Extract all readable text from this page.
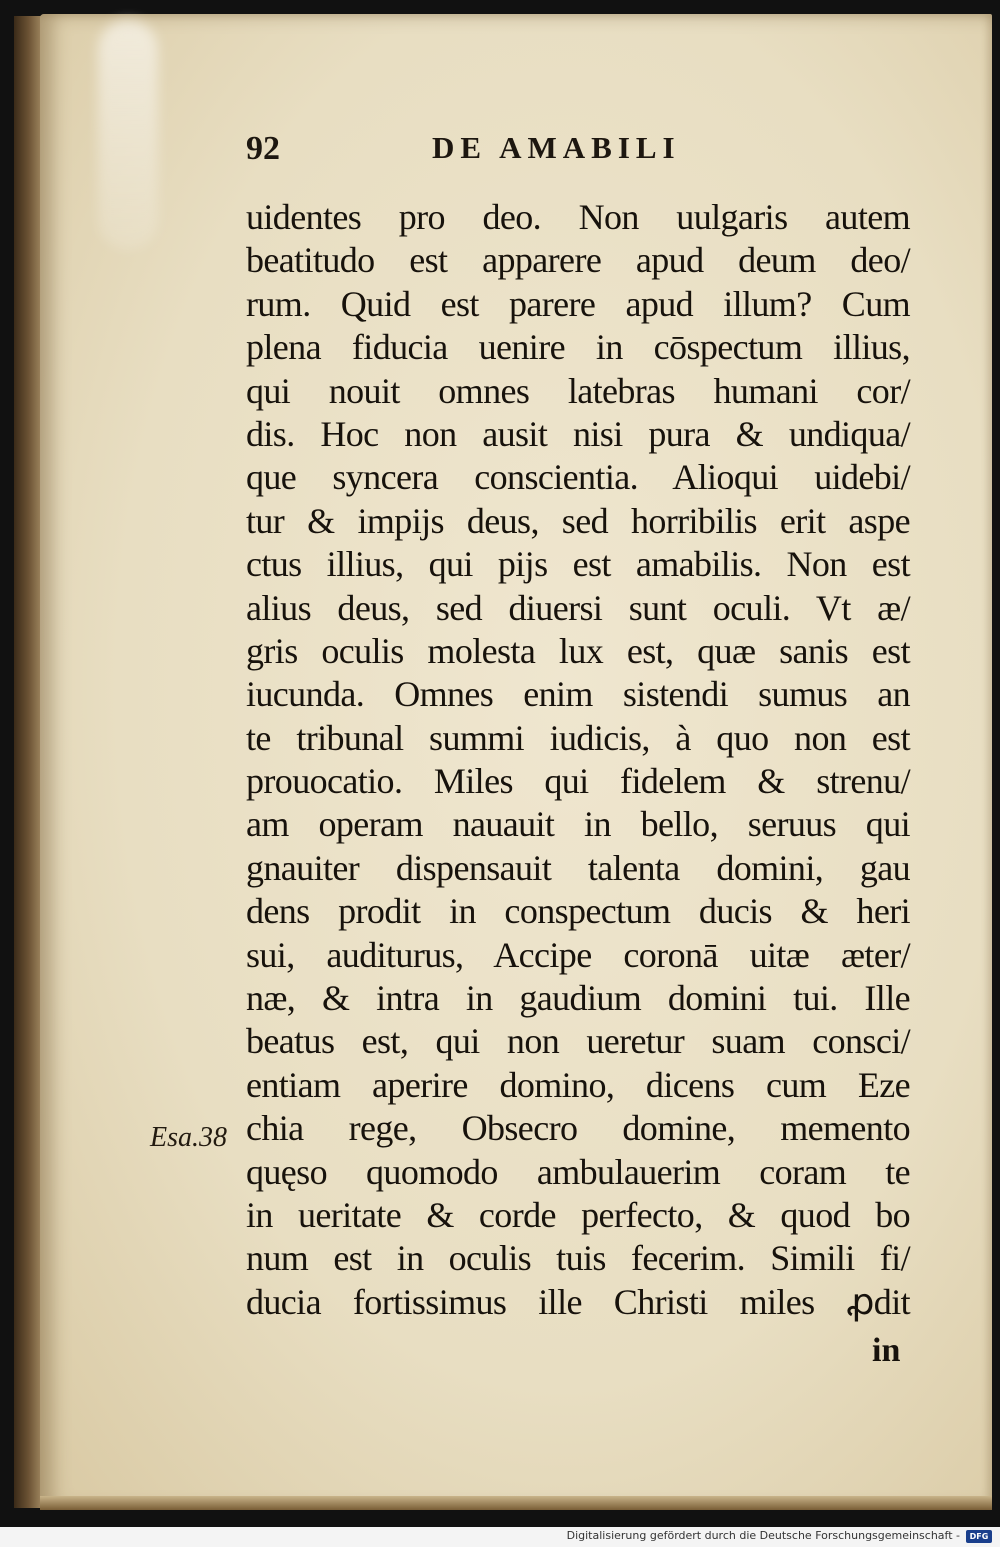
92	DE AMABILI
Esa.38
uidentes pro deo. Non uulgaris autem
beatitudo est apparere apud deum deo/
rum. Quid est parere apud illum? Cum
plena fiducia uenire in cōspectum illius,
qui nouit omnes latebras humani cor/
dis. Hoc non ausit nisi pura & undiqua/
que syncera conscientia. Alioqui uidebi/
tur & impijs deus, sed horribilis erit aspe
ctus illius, qui pijs est amabilis. Non est
alius deus, sed diuersi sunt oculi. Vt æ/
gris oculis molesta lux est, quæ sanis est
iucunda. Omnes enim sistendi sumus an
te tribunal summi iudicis, à quo non est
prouocatio. Miles qui fidelem & strenu/
am operam nauauit in bello, seruus qui
gnauiter dispensauit talenta domini, gau
dens prodit in conspectum ducis & heri
sui, auditurus, Accipe coronā uitæ æter/
næ, & intra in gaudium domini tui. Ille
beatus est, qui non ueretur suam consci/
entiam aperire domino, dicens cum Eze
chia rege, Obsecro domine, memento
quęso quomodo ambulauerim coram te
in ueritate & corde perfecto, & quod bo
num est in oculis tuis fecerim. Simili fi/
ducia fortissimus ille Christi miles ꝓdit
in
Digitalisierung gefördert durch die Deutsche Forschungsgemeinschaft -	DFG
